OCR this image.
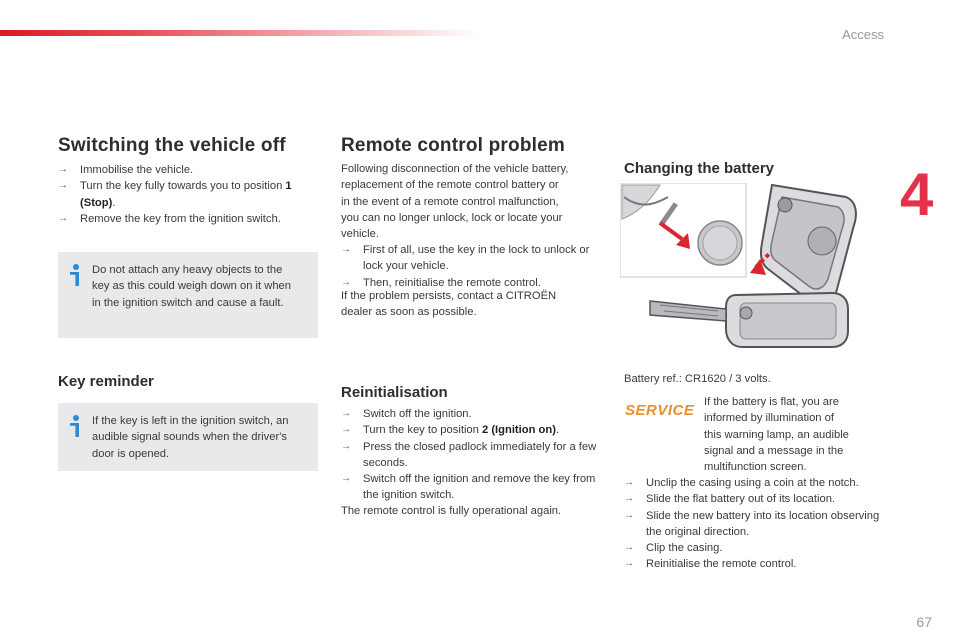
Access
4
67
Switching the vehicle off
→ Immobilise the vehicle.
→ Turn the key fully towards you to position 1 (Stop).
→ Remove the key from the ignition switch.
Do not attach any heavy objects to the
key as this could weigh down on it when
in the ignition switch and cause a fault.
Key reminder
If the key is left in the ignition switch, an
audible signal sounds when the driver's
door is opened.
Remote control problem
Following disconnection of the vehicle battery,
replacement of the remote control battery or
in the event of a remote control malfunction,
you can no longer unlock, lock or locate your
vehicle.
→ First of all, use the key in the lock to unlock or lock your vehicle.
→ Then, reinitialise the remote control.
If the problem persists, contact a CITROËN
dealer as soon as possible.
Reinitialisation
→ Switch off the ignition.
→ Turn the key to position 2 (Ignition on).
→ Press the closed padlock immediately for a few seconds.
→ Switch off the ignition and remove the key from the ignition switch.
The remote control is fully operational again.
Changing the battery
Battery ref.: CR1620 / 3 volts.
SERVICE If the battery is flat, you are
informed by illumination of
this warning lamp, an audible
signal and a message in the
multifunction screen.
→ Unclip the casing using a coin at the notch.
→ Slide the flat battery out of its location.
→ Slide the new battery into its location observing the original direction.
→ Clip the casing.
→ Reinitialise the remote control.
